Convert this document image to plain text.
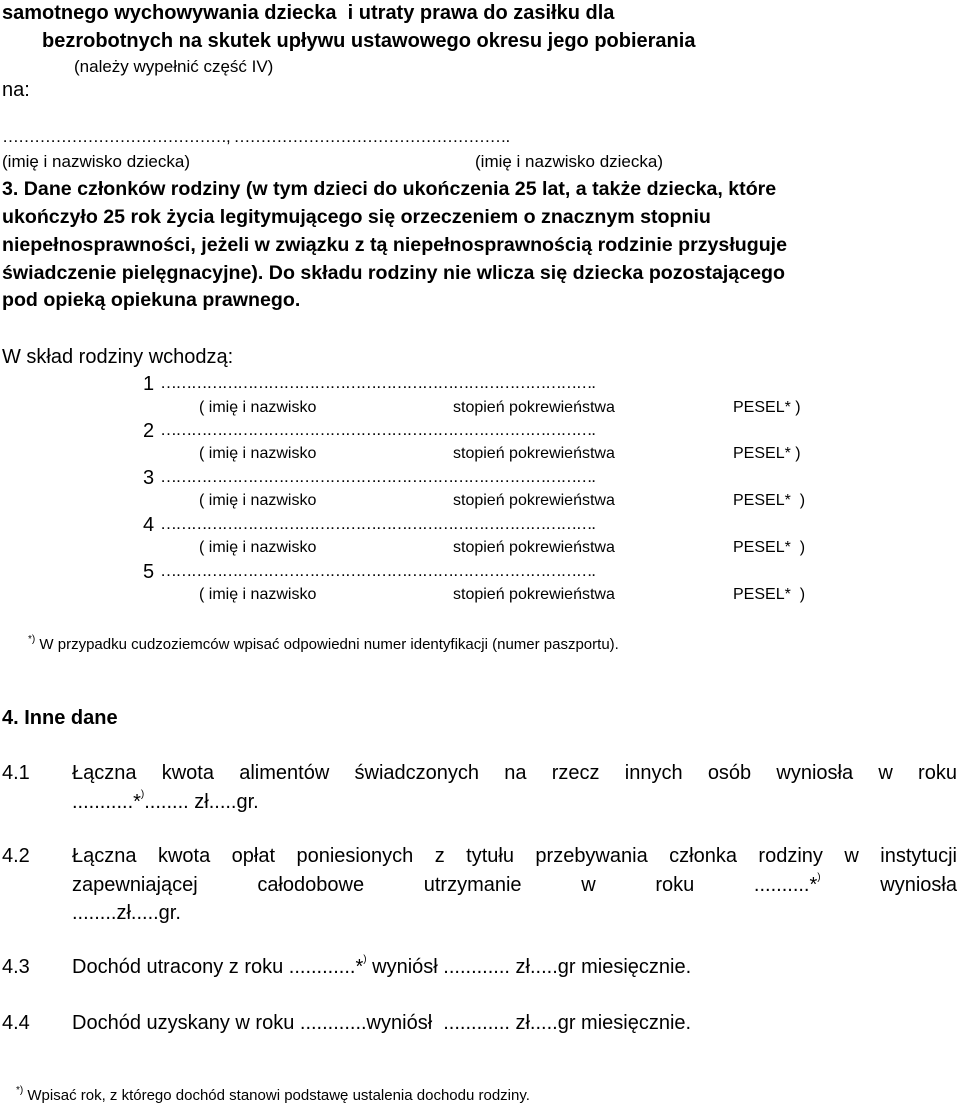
samotnego wychowywania dziecka  i utraty prawa do zasiłku dla
bezrobotnych na skutek upływu ustawowego okresu jego pobierania
(należy wypełnić część IV)
na:
……………………………………, …………………………………………….
(imię i nazwisko dziecka)	(imię i nazwisko dziecka)
3. Dane członków rodziny (w tym dzieci do ukończenia 25 lat, a także dziecka, które
ukończyło 25 rok życia legitymującego się orzeczeniem o znacznym stopniu
niepełnosprawności, jeżeli w związku z tą niepełnosprawnością rodzinie przysługuje
świadczenie pielęgnacyjne). Do składu rodziny nie wlicza się dziecka pozostającego
pod opieką opiekuna prawnego.
W skład rodziny wchodzą:
1 ………………………………………………………………………….
( imię i nazwisko	stopień pokrewieństwa	PESEL* )
2 ………………………………………………………………………….
( imię i nazwisko	stopień pokrewieństwa	PESEL* )
3 ………………………………………………………………………….
( imię i nazwisko	stopień pokrewieństwa	PESEL*  )
4 ………………………………………………………………………….
( imię i nazwisko	stopień pokrewieństwa	PESEL*  )
5 ………………………………………………………………………….
( imię i nazwisko	stopień pokrewieństwa	PESEL*  )
*) W przypadku cudzoziemców wpisać odpowiedni numer identyfikacji (numer paszportu).
4. Inne dane
4.1 Łączna kwota alimentów świadczonych na rzecz innych osób wyniosła w roku
...........*)........ zł.....gr.
4.2 Łączna kwota opłat poniesionych z tytułu przebywania członka rodziny w instytucji
zapewniającej	całodobowe	utrzymanie	w	roku	..........*)	wyniosła
........zł.....gr.
4.3 Dochód utracony z roku ............*) wyniósł ............ zł.....gr miesięcznie.
4.4 Dochód uzyskany w roku ............wyniósł  ............ zł.....gr miesięcznie.
*) Wpisać rok, z którego dochód stanowi podstawę ustalenia dochodu rodziny.
